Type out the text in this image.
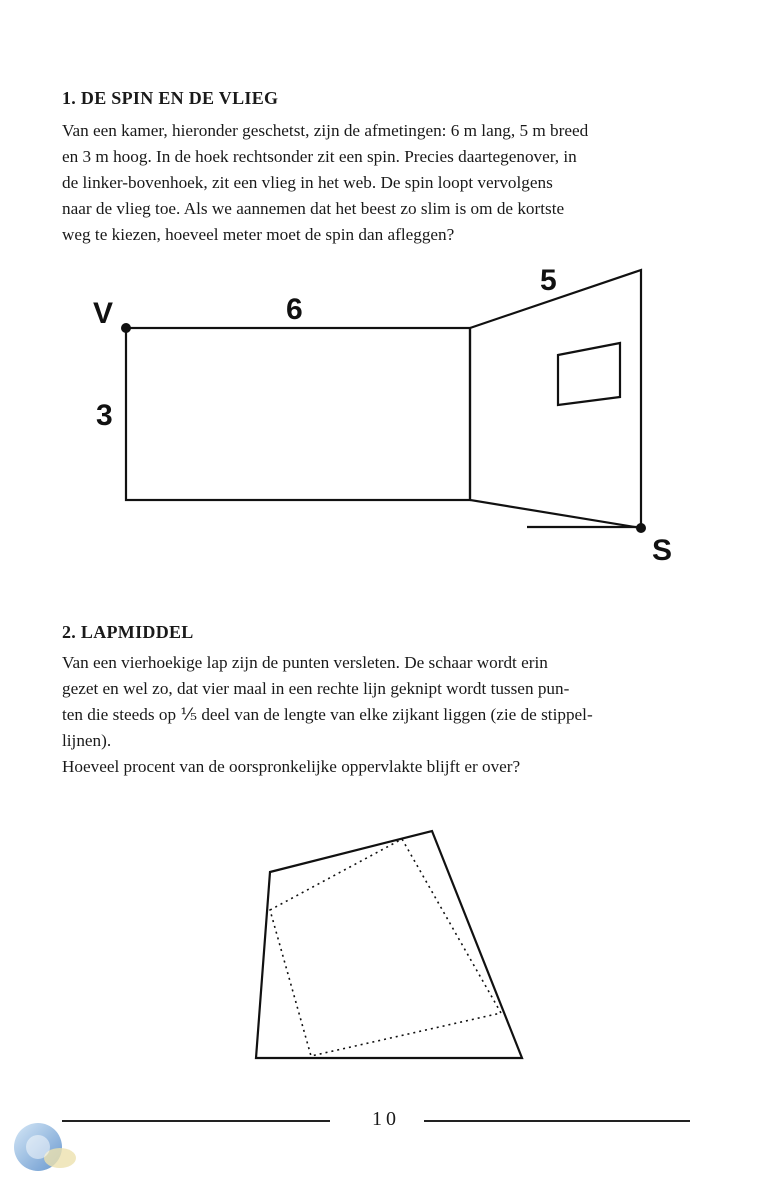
1. DE SPIN EN DE VLIEG
Van een kamer, hieronder geschetst, zijn de afmetingen: 6 m lang, 5 m breed
en 3 m hoog. In de hoek rechtsonder zit een spin. Precies daartegenover, in
de linker-bovenhoek, zit een vlieg in het web. De spin loopt vervolgens
naar de vlieg toe. Als we aannemen dat het beest zo slim is om de kortste
weg te kiezen, hoeveel meter moet de spin dan afleggen?
V	6
5
3
S
2. LAPMIDDEL
Van een vierhoekige lap zijn de punten versleten. De schaar wordt erin
gezet en wel zo, dat vier maal in een rechte lijn geknipt wordt tussen pun-
ten die steeds op ⅕ deel van de lengte van elke zijkant liggen (zie de stippel-
lijnen).
Hoeveel procent van de oorspronkelijke oppervlakte blijft er over?
10
